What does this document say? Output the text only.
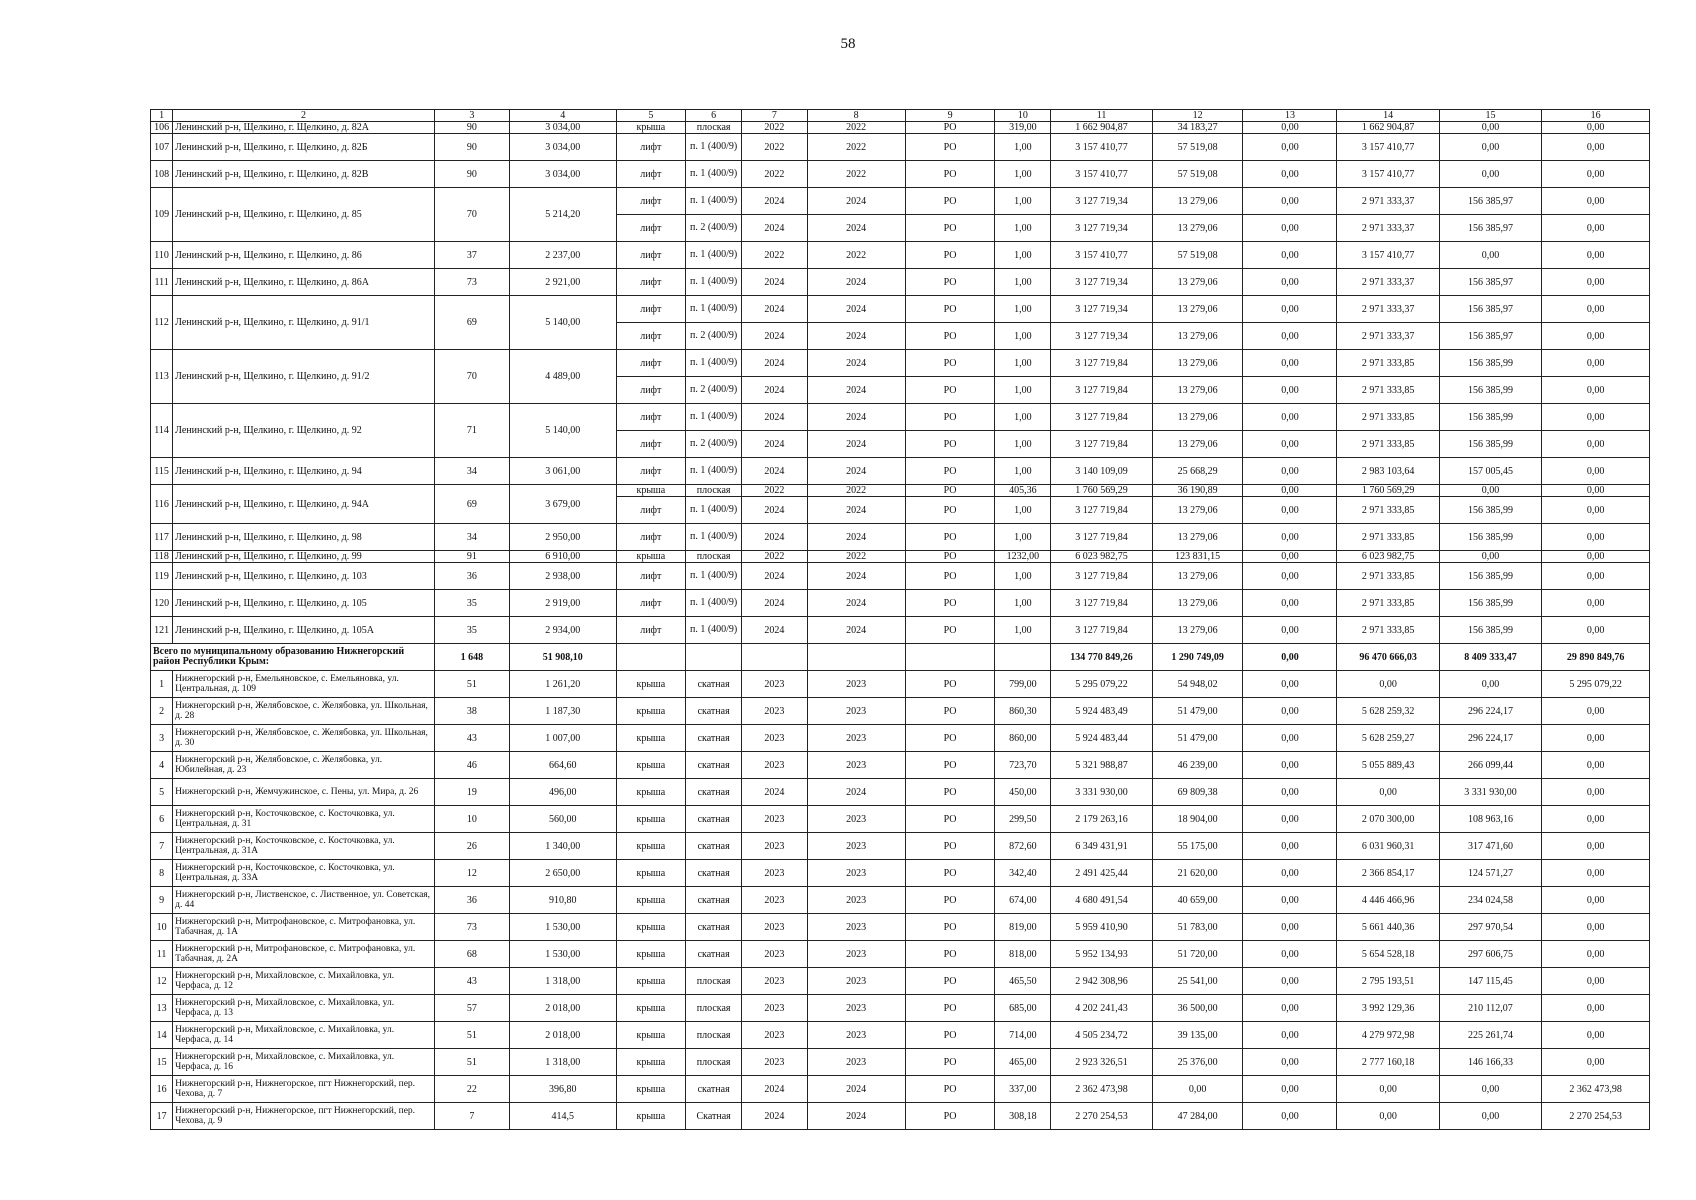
58
1	2	3	4	5	6	7	8	9	10	11	12	13	14	15	16
106	Ленинский р-н, Щелкино, г. Щелкино, д. 82А	90	3 034,00	крыша	плоская	2022	2022	РО	319,00	1 662 904,87	34 183,27	0,00	1 662 904,87	0,00	0,00
107	Ленинский р-н, Щелкино, г. Щелкино, д. 82Б	90	3 034,00	лифт	п. 1 (400/9)	2022	2022	РО	1,00	3 157 410,77	57 519,08	0,00	3 157 410,77	0,00	0,00
108	Ленинский р-н, Щелкино, г. Щелкино, д. 82В	90	3 034,00	лифт	п. 1 (400/9)	2022	2022	РО	1,00	3 157 410,77	57 519,08	0,00	3 157 410,77	0,00	0,00
109	Ленинский р-н, Щелкино, г. Щелкино, д. 85	70	5 214,20	лифт	п. 1 (400/9)	2024	2024	РО	1,00	3 127 719,34	13 279,06	0,00	2 971 333,37	156 385,97	0,00
				лифт	п. 2 (400/9)	2024	2024	РО	1,00	3 127 719,34	13 279,06	0,00	2 971 333,37	156 385,97	0,00
110	Ленинский р-н, Щелкино, г. Щелкино, д. 86	37	2 237,00	лифт	п. 1 (400/9)	2022	2022	РО	1,00	3 157 410,77	57 519,08	0,00	3 157 410,77	0,00	0,00
111	Ленинский р-н, Щелкино, г. Щелкино, д. 86А	73	2 921,00	лифт	п. 1 (400/9)	2024	2024	РО	1,00	3 127 719,34	13 279,06	0,00	2 971 333,37	156 385,97	0,00
112	Ленинский р-н, Щелкино, г. Щелкино, д. 91/1	69	5 140,00	лифт	п. 1 (400/9)	2024	2024	РО	1,00	3 127 719,34	13 279,06	0,00	2 971 333,37	156 385,97	0,00
				лифт	п. 2 (400/9)	2024	2024	РО	1,00	3 127 719,34	13 279,06	0,00	2 971 333,37	156 385,97	0,00
113	Ленинский р-н, Щелкино, г. Щелкино, д. 91/2	70	4 489,00	лифт	п. 1 (400/9)	2024	2024	РО	1,00	3 127 719,84	13 279,06	0,00	2 971 333,85	156 385,99	0,00
				лифт	п. 2 (400/9)	2024	2024	РО	1,00	3 127 719,84	13 279,06	0,00	2 971 333,85	156 385,99	0,00
114	Ленинский р-н, Щелкино, г. Щелкино, д. 92	71	5 140,00	лифт	п. 1 (400/9)	2024	2024	РО	1,00	3 127 719,84	13 279,06	0,00	2 971 333,85	156 385,99	0,00
				лифт	п. 2 (400/9)	2024	2024	РО	1,00	3 127 719,84	13 279,06	0,00	2 971 333,85	156 385,99	0,00
115	Ленинский р-н, Щелкино, г. Щелкино, д. 94	34	3 061,00	лифт	п. 1 (400/9)	2024	2024	РО	1,00	3 140 109,09	25 668,29	0,00	2 983 103,64	157 005,45	0,00
116	Ленинский р-н, Щелкино, г. Щелкино, д. 94А	69	3 679,00	крыша	плоская	2022	2022	РО	405,36	1 760 569,29	36 190,89	0,00	1 760 569,29	0,00	0,00
				лифт	п. 1 (400/9)	2024	2024	РО	1,00	3 127 719,84	13 279,06	0,00	2 971 333,85	156 385,99	0,00
117	Ленинский р-н, Щелкино, г. Щелкино, д. 98	34	2 950,00	лифт	п. 1 (400/9)	2024	2024	РО	1,00	3 127 719,84	13 279,06	0,00	2 971 333,85	156 385,99	0,00
118	Ленинский р-н, Щелкино, г. Щелкино, д. 99	91	6 910,00	крыша	плоская	2022	2022	РО	1232,00	6 023 982,75	123 831,15	0,00	6 023 982,75	0,00	0,00
119	Ленинский р-н, Щелкино, г. Щелкино, д. 103	36	2 938,00	лифт	п. 1 (400/9)	2024	2024	РО	1,00	3 127 719,84	13 279,06	0,00	2 971 333,85	156 385,99	0,00
120	Ленинский р-н, Щелкино, г. Щелкино, д. 105	35	2 919,00	лифт	п. 1 (400/9)	2024	2024	РО	1,00	3 127 719,84	13 279,06	0,00	2 971 333,85	156 385,99	0,00
121	Ленинский р-н, Щелкино, г. Щелкино, д. 105А	35	2 934,00	лифт	п. 1 (400/9)	2024	2024	РО	1,00	3 127 719,84	13 279,06	0,00	2 971 333,85	156 385,99	0,00
Всего по муниципальному образованию Нижнегорский район Республики Крым:		1 648	51 908,10							134 770 849,26	1 290 749,09	0,00	96 470 666,03	8 409 333,47	29 890 849,76
1	Нижнегорский р-н, Емельяновское, с. Емельяновка, ул. Центральная, д. 109	51	1 261,20	крыша	скатная	2023	2023	РО	799,00	5 295 079,22	54 948,02	0,00	0,00	0,00	5 295 079,22
2	Нижнегорский р-н, Желябовское, с. Желябовка, ул. Школьная, д. 28	38	1 187,30	крыша	скатная	2023	2023	РО	860,30	5 924 483,49	51 479,00	0,00	5 628 259,32	296 224,17	0,00
3	Нижнегорский р-н, Желябовское, с. Желябовка, ул. Школьная, д. 30	43	1 007,00	крыша	скатная	2023	2023	РО	860,00	5 924 483,44	51 479,00	0,00	5 628 259,27	296 224,17	0,00
4	Нижнегорский р-н, Желябовское, с. Желябовка, ул. Юбилейная, д. 23	46	664,60	крыша	скатная	2023	2023	РО	723,70	5 321 988,87	46 239,00	0,00	5 055 889,43	266 099,44	0,00
5	Нижнегорский р-н, Жемчужинское, с. Пены, ул. Мира, д. 26	19	496,00	крыша	скатная	2024	2024	РО	450,00	3 331 930,00	69 809,38	0,00	0,00	3 331 930,00	0,00
6	Нижнегорский р-н, Косточковское, с. Косточковка, ул. Центральная, д. 31	10	560,00	крыша	скатная	2023	2023	РО	299,50	2 179 263,16	18 904,00	0,00	2 070 300,00	108 963,16	0,00
7	Нижнегорский р-н, Косточковское, с. Косточковка, ул. Центральная, д. 31А	26	1 340,00	крыша	скатная	2023	2023	РО	872,60	6 349 431,91	55 175,00	0,00	6 031 960,31	317 471,60	0,00
8	Нижнегорский р-н, Косточковское, с. Косточковка, ул. Центральная, д. 33А	12	2 650,00	крыша	скатная	2023	2023	РО	342,40	2 491 425,44	21 620,00	0,00	2 366 854,17	124 571,27	0,00
9	Нижнегорский р-н, Лиственское, с. Лиственное, ул. Советская, д. 44	36	910,80	крыша	скатная	2023	2023	РО	674,00	4 680 491,54	40 659,00	0,00	4 446 466,96	234 024,58	0,00
10	Нижнегорский р-н, Митрофановское, с. Митрофановка, ул. Табачная, д. 1А	73	1 530,00	крыша	скатная	2023	2023	РО	819,00	5 959 410,90	51 783,00	0,00	5 661 440,36	297 970,54	0,00
11	Нижнегорский р-н, Митрофановское, с. Митрофановка, ул. Табачная, д. 2А	68	1 530,00	крыша	скатная	2023	2023	РО	818,00	5 952 134,93	51 720,00	0,00	5 654 528,18	297 606,75	0,00
12	Нижнегорский р-н, Михайловское, с. Михайловка, ул. Черфаса, д. 12	43	1 318,00	крыша	плоская	2023	2023	РО	465,50	2 942 308,96	25 541,00	0,00	2 795 193,51	147 115,45	0,00
13	Нижнегорский р-н, Михайловское, с. Михайловка, ул. Черфаса, д. 13	57	2 018,00	крыша	плоская	2023	2023	РО	685,00	4 202 241,43	36 500,00	0,00	3 992 129,36	210 112,07	0,00
14	Нижнегорский р-н, Михайловское, с. Михайловка, ул. Черфаса, д. 14	51	2 018,00	крыша	плоская	2023	2023	РО	714,00	4 505 234,72	39 135,00	0,00	4 279 972,98	225 261,74	0,00
15	Нижнегорский р-н, Михайловское, с. Михайловка, ул. Черфаса, д. 16	51	1 318,00	крыша	плоская	2023	2023	РО	465,00	2 923 326,51	25 376,00	0,00	2 777 160,18	146 166,33	0,00
16	Нижнегорский р-н, Нижнегорское, пгт Нижнегорский, пер. Чехова, д. 7	22	396,80	крыша	скатная	2024	2024	РО	337,00	2 362 473,98	0,00	0,00	0,00	0,00	2 362 473,98
17	Нижнегорский р-н, Нижнегорское, пгт Нижнегорский, пер. Чехова, д. 9	7	414,5	крыша	Скатная	2024	2024	РО	308,18	2 270 254,53	47 284,00	0,00	0,00	0,00	2 270 254,53
